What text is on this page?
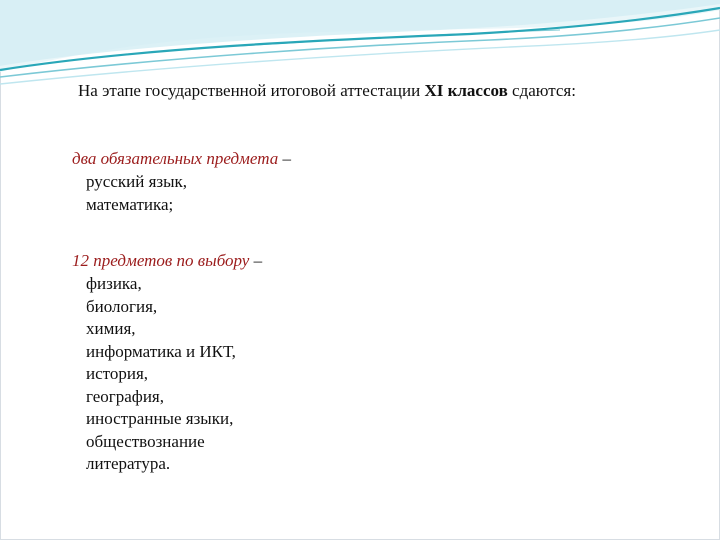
На этапе государственной итоговой аттестации XI классов сдаются:
два обязательных предмета –
русский язык,
математика;
12 предметов по выбору –
физика,
биология,
химия,
информатика и ИКТ,
история,
география,
иностранные языки,
обществознание
литература.
